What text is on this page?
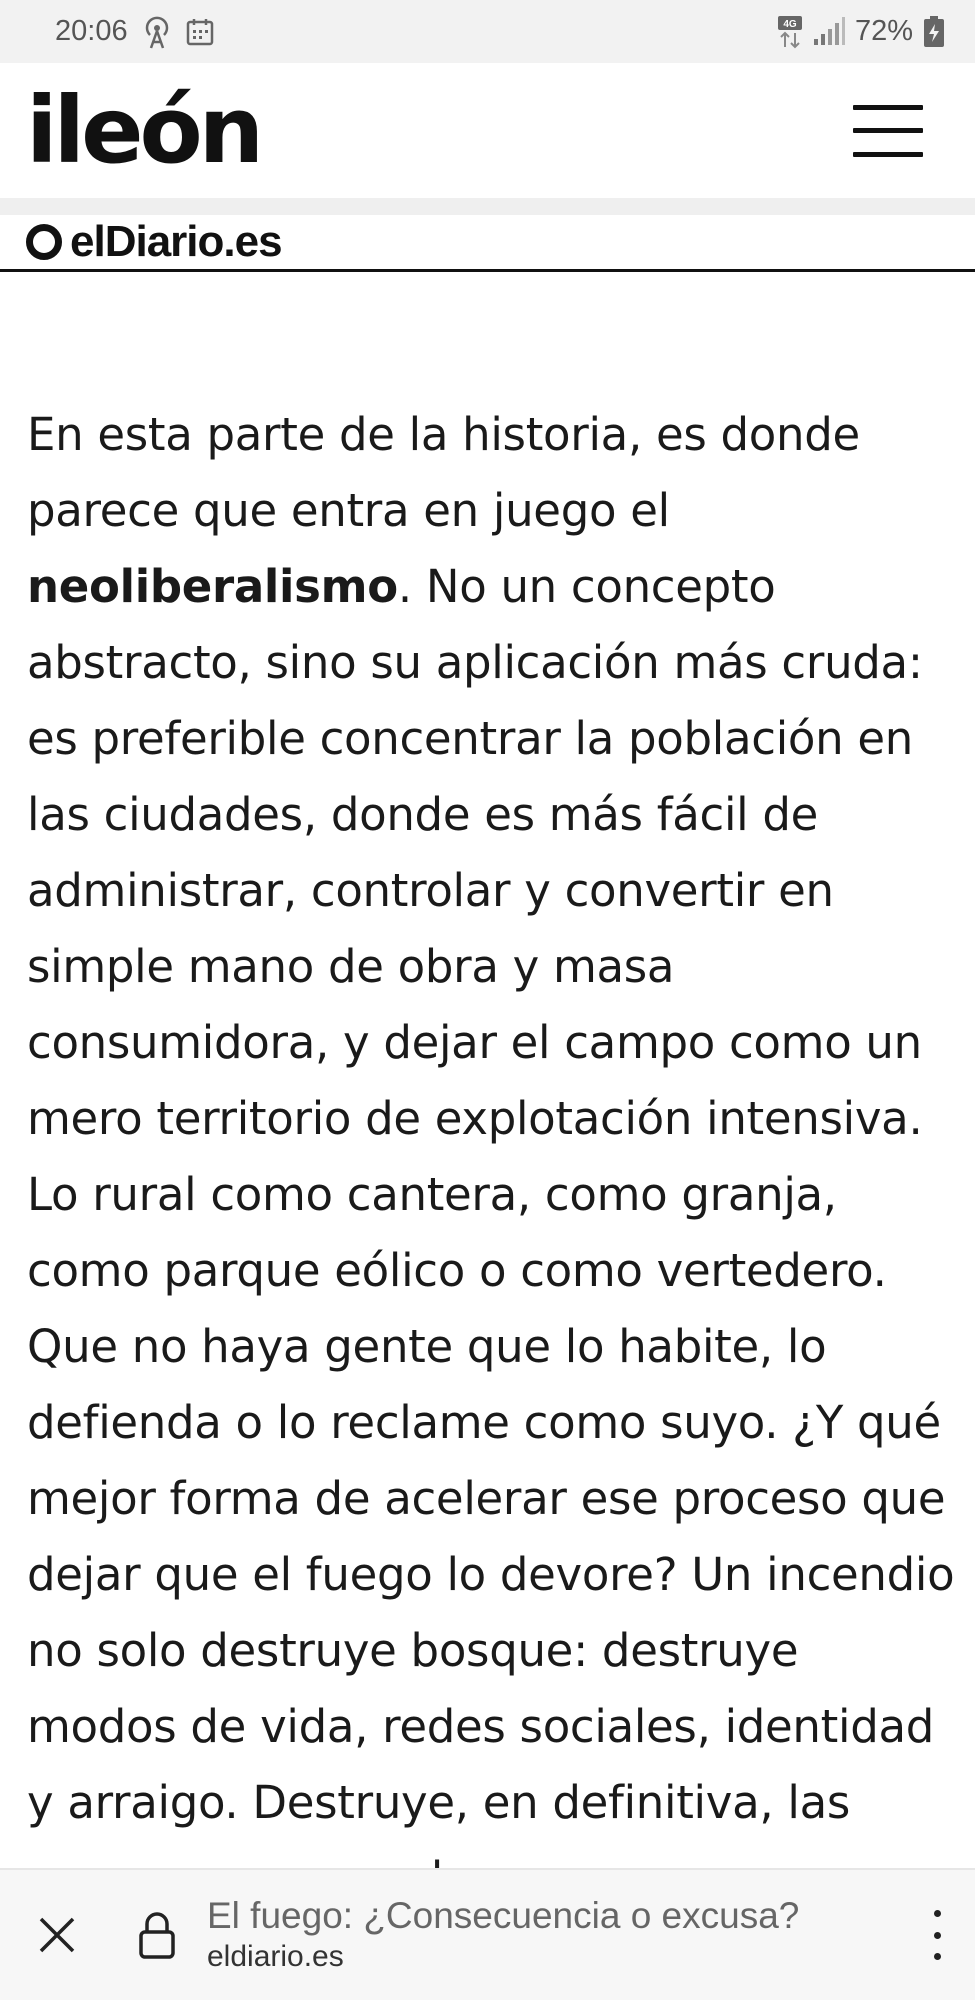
20:06	4G 72%
ileón
elDiario.es

En esta parte de la historia, es donde parece que entra en juego el neoliberalismo. No un concepto abstracto, sino su aplicación más cruda: es preferible concentrar la población en las ciudades, donde es más fácil de administrar, controlar y convertir en simple mano de obra y masa consumidora, y dejar el campo como un mero territorio de explotación intensiva. Lo rural como cantera, como granja, como parque eólico o como vertedero. Que no haya gente que lo habite, lo defienda o lo reclame como suyo. ¿Y qué mejor forma de acelerar ese proceso que dejar que el fuego lo devore? Un incendio no solo destruye bosque: destruye modos de vida, redes sociales, identidad y arraigo. Destruye, en definitiva, las

El fuego: ¿Consecuencia o excusa?
eldiario.es
